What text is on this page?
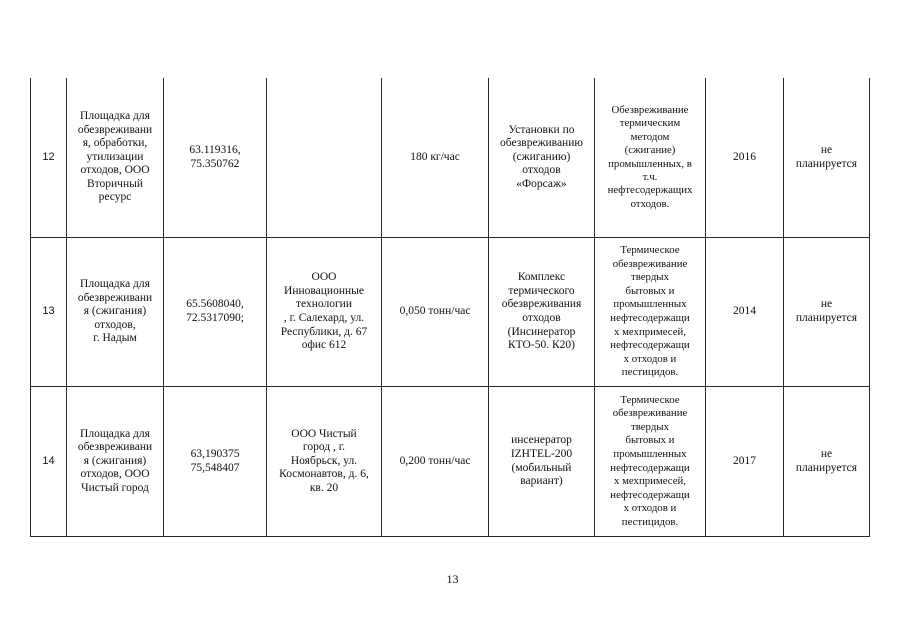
12
Площадка для
обезвреживани
я, обработки,
утилизации
отходов, ООО
Вторичный
ресурс
63.119316,
75.350762
180 кг/час
Установки по
обезвреживанию
(сжиганию)
отходов
«Форсаж»
Обезвреживание
термическим
методом
(сжигание)
промышленных, в
т.ч.
нефтесодержащих
отходов.
2016
не
планируется
13
Площадка для
обезвреживани
я (сжигания)
отходов,
г. Надым
65.5608040,
72.5317090;
ООО
Инновационные
технологии
, г. Салехард, ул.
Республики, д. 67
офис 612
0,050 тонн/час
Комплекс
термического
обезвреживания
отходов
(Инсинератор
КТО-50. К20)
Термическое
обезвреживание
твердых
бытовых и
промышленных
нефтесодержащи
х мехпримесей,
нефтесодержащи
х отходов и
пестицидов.
2014
не
планируется
14
Площадка для
обезвреживани
я (сжигания)
отходов, ООО
Чистый город
63,190375
75,548407
ООО Чистый
город , г.
Ноябрьск, ул.
Космонавтов, д. 6,
кв. 20
0,200 тонн/час
инсенератор
IZHTEL-200
(мобильный
вариант)
Термическое
обезвреживание
твердых
бытовых и
промышленных
нефтесодержащи
х мехпримесей,
нефтесодержащи
х отходов и
пестицидов.
2017
не
планируется
13
